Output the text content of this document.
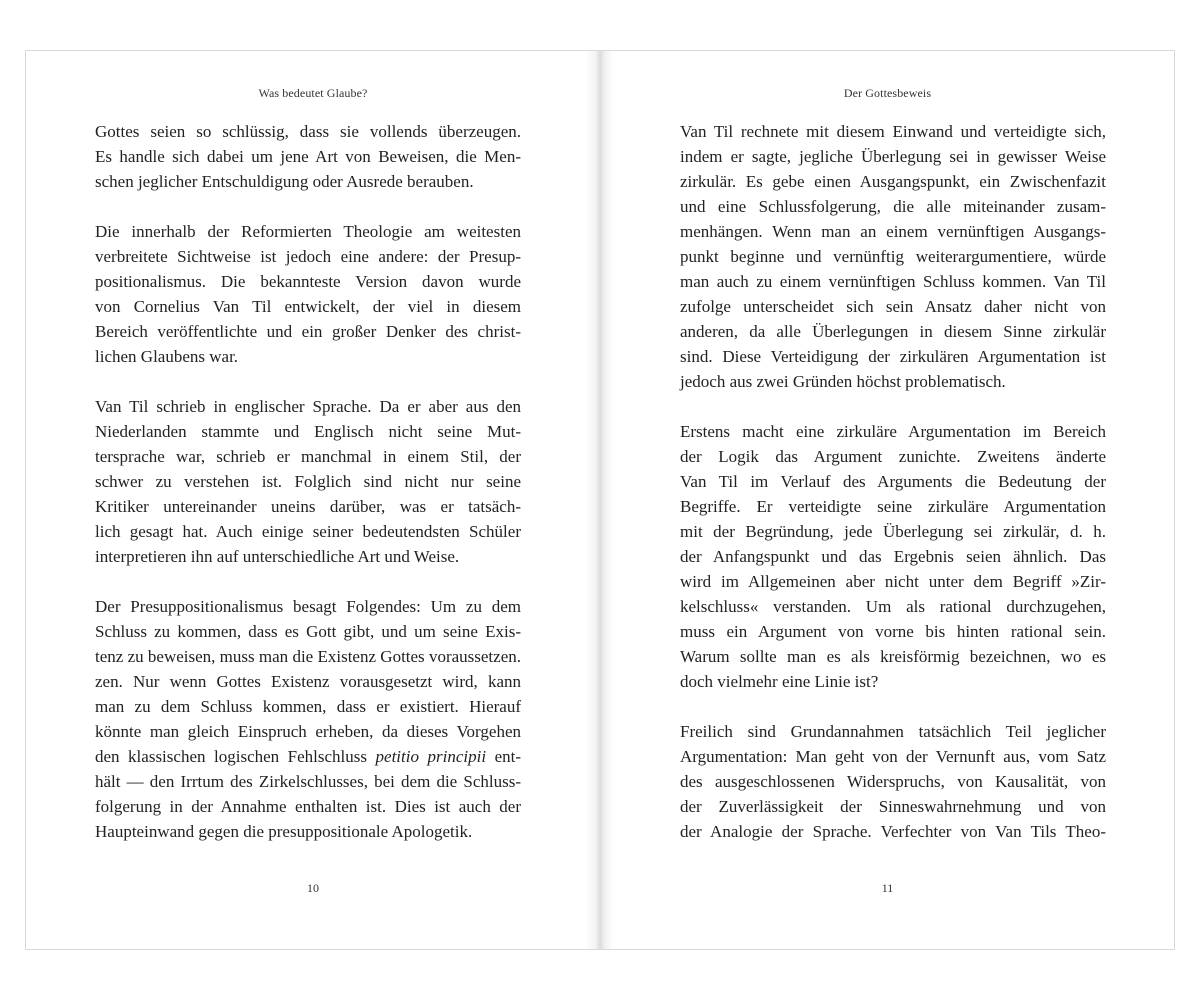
Was bedeutet Glaube?
Gottes seien so schlüssig, dass sie vollends überzeugen.
Es handle sich dabei um jene Art von Beweisen, die Men-
schen jeglicher Entschuldigung oder Ausrede berauben.
Die innerhalb der Reformierten Theologie am weitesten
verbreitete Sichtweise ist jedoch eine andere: der Presup-
positionalismus. Die bekannteste Version davon wurde
von Cornelius Van Til entwickelt, der viel in diesem
Bereich veröffentlichte und ein großer Denker des christ-
lichen Glaubens war.
Van Til schrieb in englischer Sprache. Da er aber aus den
Niederlanden stammte und Englisch nicht seine Mut-
tersprache war, schrieb er manchmal in einem Stil, der
schwer zu verstehen ist. Folglich sind nicht nur seine
Kritiker untereinander uneins darüber, was er tatsäch-
lich gesagt hat. Auch einige seiner bedeutendsten Schüler
interpretieren ihn auf unterschiedliche Art und Weise.
Der Presuppositionalismus besagt Folgendes: Um zu dem
Schluss zu kommen, dass es Gott gibt, und um seine Exis-
tenz zu beweisen, muss man die Existenz Gottes voraussetzen.
zen. Nur wenn Gottes Existenz vorausgesetzt wird, kann
man zu dem Schluss kommen, dass er existiert. Hierauf
könnte man gleich Einspruch erheben, da dieses Vorgehen
den klassischen logischen Fehlschluss petitio principii ent-
hält — den Irrtum des Zirkelschlusses, bei dem die Schluss-
folgerung in der Annahme enthalten ist. Dies ist auch der
Haupteinwand gegen die presuppositionale Apologetik.
10
Der Gottesbeweis
Van Til rechnete mit diesem Einwand und verteidigte sich,
indem er sagte, jegliche Überlegung sei in gewisser Weise
zirkulär. Es gebe einen Ausgangspunkt, ein Zwischenfazit
und eine Schlussfolgerung, die alle miteinander zusam-
menhängen. Wenn man an einem vernünftigen Ausgangs-
punkt beginne und vernünftig weiterargumentiere, würde
man auch zu einem vernünftigen Schluss kommen. Van Til
zufolge unterscheidet sich sein Ansatz daher nicht von
anderen, da alle Überlegungen in diesem Sinne zirkulär
sind. Diese Verteidigung der zirkulären Argumentation ist
jedoch aus zwei Gründen höchst problematisch.
Erstens macht eine zirkuläre Argumentation im Bereich
der Logik das Argument zunichte. Zweitens änderte
Van Til im Verlauf des Arguments die Bedeutung der
Begriffe. Er verteidigte seine zirkuläre Argumentation
mit der Begründung, jede Überlegung sei zirkulär, d. h.
der Anfangspunkt und das Ergebnis seien ähnlich. Das
wird im Allgemeinen aber nicht unter dem Begriff »Zir-
kelschluss« verstanden. Um als rational durchzugehen,
muss ein Argument von vorne bis hinten rational sein.
Warum sollte man es als kreisförmig bezeichnen, wo es
doch vielmehr eine Linie ist?
Freilich sind Grundannahmen tatsächlich Teil jeglicher
Argumentation: Man geht von der Vernunft aus, vom Satz
des ausgeschlossenen Widerspruchs, von Kausalität, von
der Zuverlässigkeit der Sinneswahrnehmung und von
der Analogie der Sprache. Verfechter von Van Tils Theo-
11
